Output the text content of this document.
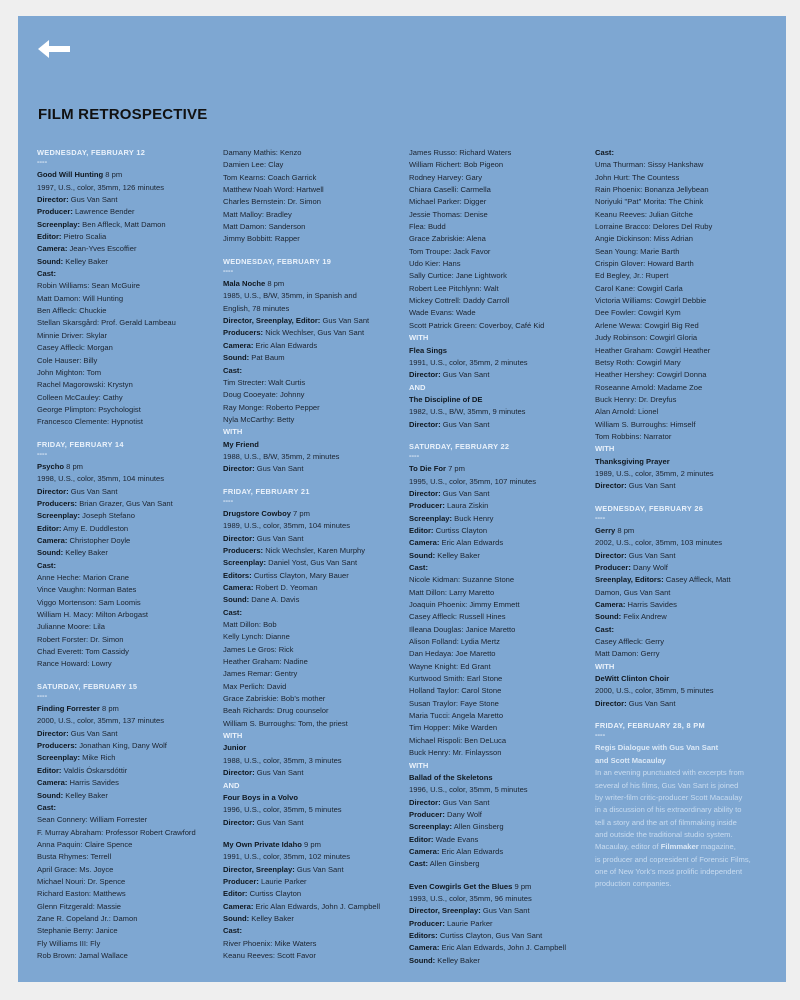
FILM RETROSPECTIVE
WEDNESDAY, FEBRUARY 12
----
Good Will Hunting 8 pm
1997, U.S., color, 35mm, 126 minutes
Director: Gus Van Sant
Producer: Lawrence Bender
Screenplay: Ben Affleck, Matt Damon
Editor: Pietro Scalia
Camera: Jean-Yves Escoffier
Sound: Kelley Baker
Cast:
Robin Williams: Sean McGuire
Matt Damon: Will Hunting
Ben Affleck: Chuckie
Stellan Skarsgård: Prof. Gerald Lambeau
Minnie Driver: Skylar
Casey Affleck: Morgan
Cole Hauser: Billy
John Mighton: Tom
Rachel Magorowski: Krystyn
Colleen McCauley: Cathy
George Plimpton: Psychologist
Francesco Clemente: Hypnotist
FRIDAY, FEBRUARY 14
----
Psycho 8 pm
1998, U.S., color, 35mm, 104 minutes
Director: Gus Van Sant
Producers: Brian Grazer, Gus Van Sant
Screenplay: Joseph Stefano
Editor: Amy E. Duddleston
Camera: Christopher Doyle
Sound: Kelley Baker
Cast:
Anne Heche: Marion Crane
Vince Vaughn: Norman Bates
Viggo Mortenson: Sam Loomis
William H. Macy: Milton Arbogast
Julianne Moore: Lila
Robert Forster: Dr. Simon
Chad Everett: Tom Cassidy
Rance Howard: Lowry
SATURDAY, FEBRUARY 15
----
Finding Forrester 8 pm
2000, U.S., color, 35mm, 137 minutes
Director: Gus Van Sant
Producers: Jonathan King, Dany Wolf
Screenplay: Mike Rich
Editor: Valdís Óskarsdóttir
Camera: Harris Savides
Sound: Kelley Baker
Cast:
Sean Connery: William Forrester
F. Murray Abraham: Professor Robert Crawford
Anna Paquin: Claire Spence
Busta Rhymes: Terrell
April Grace: Ms. Joyce
Michael Nouri: Dr. Spence
Richard Easton: Matthews
Glenn Fitzgerald: Massie
Zane R. Copeland Jr.: Damon
Stephanie Berry: Janice
Fly Williams III: Fly
Rob Brown: Jamal Wallace
Damany Mathis: Kenzo
Damien Lee: Clay
Tom Kearns: Coach Garrick
Matthew Noah Word: Hartwell
Charles Bernstein: Dr. Simon
Matt Malloy: Bradley
Matt Damon: Sanderson
Jimmy Bobbitt: Rapper
WEDNESDAY, FEBRUARY 19
----
Mala Noche 8 pm
1985, U.S., B/W, 35mm, in Spanish and
English, 78 minutes
Director, Sreenplay, Editor: Gus Van Sant
Producers: Nick Wechlser, Gus Van Sant
Camera: Eric Alan Edwards
Sound: Pat Baum
Cast:
Tim Strecter: Walt Curtis
Doug Cooeyate: Johnny
Ray Monge: Roberto Pepper
Nyla McCarthy: Betty
WITH
My Friend
1988, U.S., B/W, 35mm, 2 minutes
Director: Gus Van Sant
FRIDAY, FEBRUARY 21
----
Drugstore Cowboy 7 pm
1989, U.S., color, 35mm, 104 minutes
Director: Gus Van Sant
Producers: Nick Wechsler, Karen Murphy
Screenplay: Daniel Yost, Gus Van Sant
Editors: Curtiss Clayton, Mary Bauer
Camera: Robert D. Yeoman
Sound: Dane A. Davis
Cast:
Matt Dillon: Bob
Kelly Lynch: Dianne
James Le Gros: Rick
Heather Graham: Nadine
James Remar: Gentry
Max Perlich: David
Grace Zabriskie: Bob's mother
Beah Richards: Drug counselor
William S. Burroughs: Tom, the priest
WITH
Junior
1988, U.S., color, 35mm, 3 minutes
Director: Gus Van Sant
AND
Four Boys in a Volvo
1996, U.S., color, 35mm, 5 minutes
Director: Gus Van Sant
My Own Private Idaho 9 pm
1991, U.S., color, 35mm, 102 minutes
Director, Sreenplay: Gus Van Sant
Producer: Laurie Parker
Editor: Curtiss Clayton
Camera: Eric Alan Edwards, John J. Campbell
Sound: Kelley Baker
Cast:
River Phoenix: Mike Waters
Keanu Reeves: Scott Favor
James Russo: Richard Waters
William Richert: Bob Pigeon
Rodney Harvey: Gary
Chiara Caselli: Carmella
Michael Parker: Digger
Jessie Thomas: Denise
Flea: Budd
Grace Zabriskie: Alena
Tom Troupe: Jack Favor
Udo Kier: Hans
Sally Curtice: Jane Lightwork
Robert Lee Pitchlynn: Walt
Mickey Cottrell: Daddy Carroll
Wade Evans: Wade
Scott Patrick Green: Coverboy, Café Kid
WITH
Flea Sings
1991, U.S., color, 35mm, 2 minutes
Director: Gus Van Sant
AND
The Discipline of DE
1982, U.S., B/W, 35mm, 9 minutes
Director: Gus Van Sant
SATURDAY, FEBRUARY 22
----
To Die For 7 pm
1995, U.S., color, 35mm, 107 minutes
Director: Gus Van Sant
Producer: Laura Ziskin
Screenplay: Buck Henry
Editor: Curtiss Clayton
Camera: Eric Alan Edwards
Sound: Kelley Baker
Cast:
Nicole Kidman: Suzanne Stone
Matt Dillon: Larry Maretto
Joaquin Phoenix: Jimmy Emmett
Casey Affleck: Russell Hines
Illeana Douglas: Janice Maretto
Alison Folland: Lydia Mertz
Dan Hedaya: Joe Maretto
Wayne Knight: Ed Grant
Kurtwood Smith: Earl Stone
Holland Taylor: Carol Stone
Susan Traylor: Faye Stone
Maria Tucci: Angela Maretto
Tim Hopper: Mike Warden
Michael Rispoli: Ben DeLuca
Buck Henry: Mr. Finlaysson
WITH
Ballad of the Skeletons
1996, U.S., color, 35mm, 5 minutes
Director: Gus Van Sant
Producer: Dany Wolf
Screenplay: Allen Ginsberg
Editor: Wade Evans
Camera: Eric Alan Edwards
Cast: Allen Ginsberg
Even Cowgirls Get the Blues 9 pm
1993, U.S., color, 35mm, 96 minutes
Director, Sreenplay: Gus Van Sant
Producer: Laurie Parker
Editors: Curtiss Clayton, Gus Van Sant
Camera: Eric Alan Edwards, John J. Campbell
Sound: Kelley Baker
Cast:
Uma Thurman: Sissy Hankshaw
John Hurt: The Countess
Rain Phoenix: Bonanza Jellybean
Noriyuki "Pat" Morita: The Chink
Keanu Reeves: Julian Gitche
Lorraine Bracco: Delores Del Ruby
Angie Dickinson: Miss Adrian
Sean Young: Marie Barth
Crispin Glover: Howard Barth
Ed Begley, Jr.: Rupert
Carol Kane: Cowgirl Carla
Victoria Williams: Cowgirl Debbie
Dee Fowler: Cowgirl Kym
Arlene Wewa: Cowgirl Big Red
Judy Robinson: Cowgirl Gloria
Heather Graham: Cowgirl Heather
Betsy Roth: Cowgirl Mary
Heather Hershey: Cowgirl Donna
Roseanne Arnold: Madame Zoe
Buck Henry: Dr. Dreyfus
Alan Arnold: Lionel
William S. Burroughs: Himself
Tom Robbins: Narrator
WITH
Thanksgiving Prayer
1989, U.S., color, 35mm, 2 minutes
Director: Gus Van Sant
WEDNESDAY, FEBRUARY 26
----
Gerry 8 pm
2002, U.S., color, 35mm, 103 minutes
Director: Gus Van Sant
Producer: Dany Wolf
Sreenplay, Editors: Casey Affleck, Matt
Damon, Gus Van Sant
Camera: Harris Savides
Sound: Felix Andrew
Cast:
Casey Affleck: Gerry
Matt Damon: Gerry
WITH
DeWitt Clinton Choir
2000, U.S., color, 35mm, 5 minutes
Director: Gus Van Sant
FRIDAY, FEBRUARY 28, 8 PM
----
Regis Dialogue with Gus Van Sant
and Scott Macaulay
In an evening punctuated with excerpts from
several of his films, Gus Van Sant is joined
by writer-film critic-producer Scott Macaulay
in a discussion of his extraordinary ability to
tell a story and the art of filmmaking inside
and outside the traditional studio system.
Macaulay, editor of Filmmaker magazine,
is producer and copresident of Forensic Films,
one of New York's most prolific independent
production companies.
